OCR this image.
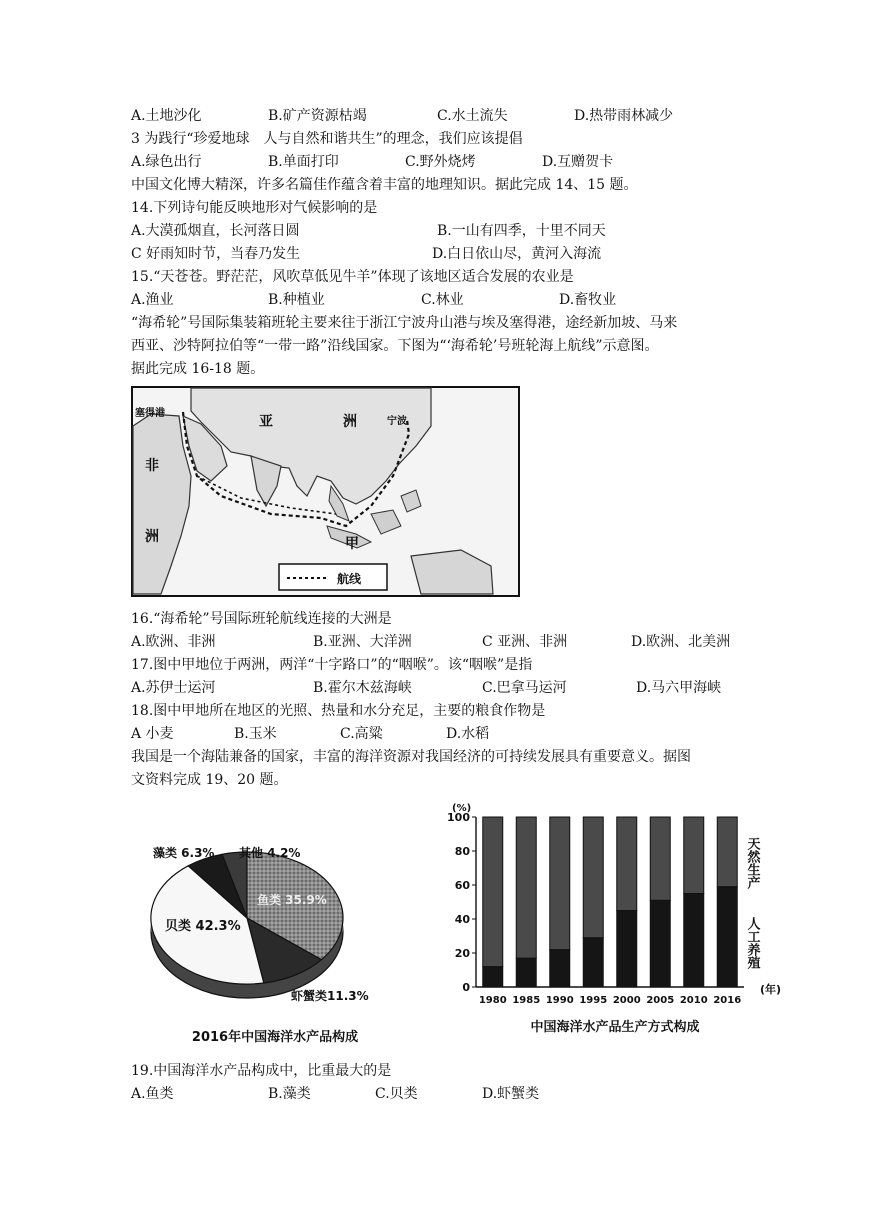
A.土地沙化	B.矿产资源枯竭	C.水土流失	D.热带雨林减少
3 为践行“珍爱地球　人与自然和谐共生”的理念，我们应该提倡
A.绿色出行	B.单面打印	C.野外烧烤	D.互赠贺卡
中国文化博大精深，许多名篇佳作蕴含着丰富的地理知识。据此完成 14、15 题。
14.下列诗句能反映地形对气候影响的是
A.大漠孤烟直，长河落日圆	B.一山有四季，十里不同天
C 好雨知时节，当春乃发生	D.白日依山尽，黄河入海流
15.“天苍苍。野茫茫，风吹草低见牛羊”体现了该地区适合发展的农业是
A.渔业	B.种植业	C.林业	D.畜牧业
“海希轮”号国际集装箱班轮主要来往于浙江宁波舟山港与埃及塞得港，途经新加坡、马来
西亚、沙特阿拉伯等“一带一路”沿线国家。下图为“‘海希轮’号班轮海上航线”示意图。
据此完成 16-18 题。
塞得港
亚	洲	宁波
非
洲	甲
航线
16.“海希轮”号国际班轮航线连接的大洲是
A.欧洲、非洲	B.亚洲、大洋洲	C 亚洲、非洲	D.欧洲、北美洲
17.图中甲地位于两洲，两洋“十字路口”的“咽喉”。该“咽喉”是指
A.苏伊士运河	B.霍尔木兹海峡	C.巴拿马运河	D.马六甲海峡
18.图中甲地所在地区的光照、热量和水分充足，主要的粮食作物是
A 小麦	B.玉米	C.高粱	D.水稻
我国是一个海陆兼备的国家，丰富的海洋资源对我国经济的可持续发展具有重要意义。据图
文资料完成 19、20 题。
藻类 6.3% 其他 4.2%
鱼类 35.9%
贝类 42.3%
虾蟹类11.3%
2016年中国海洋水产品构成
0
20
40
60
80
100
1980 1985 1990 1995 2000 2005 2010 2016
(%)
(年)
中国海洋水产品生产方式构成
天然生产
人工养殖
19.中国海洋水产品构成中，比重最大的是
A.鱼类	B.藻类	C.贝类	D.虾蟹类
